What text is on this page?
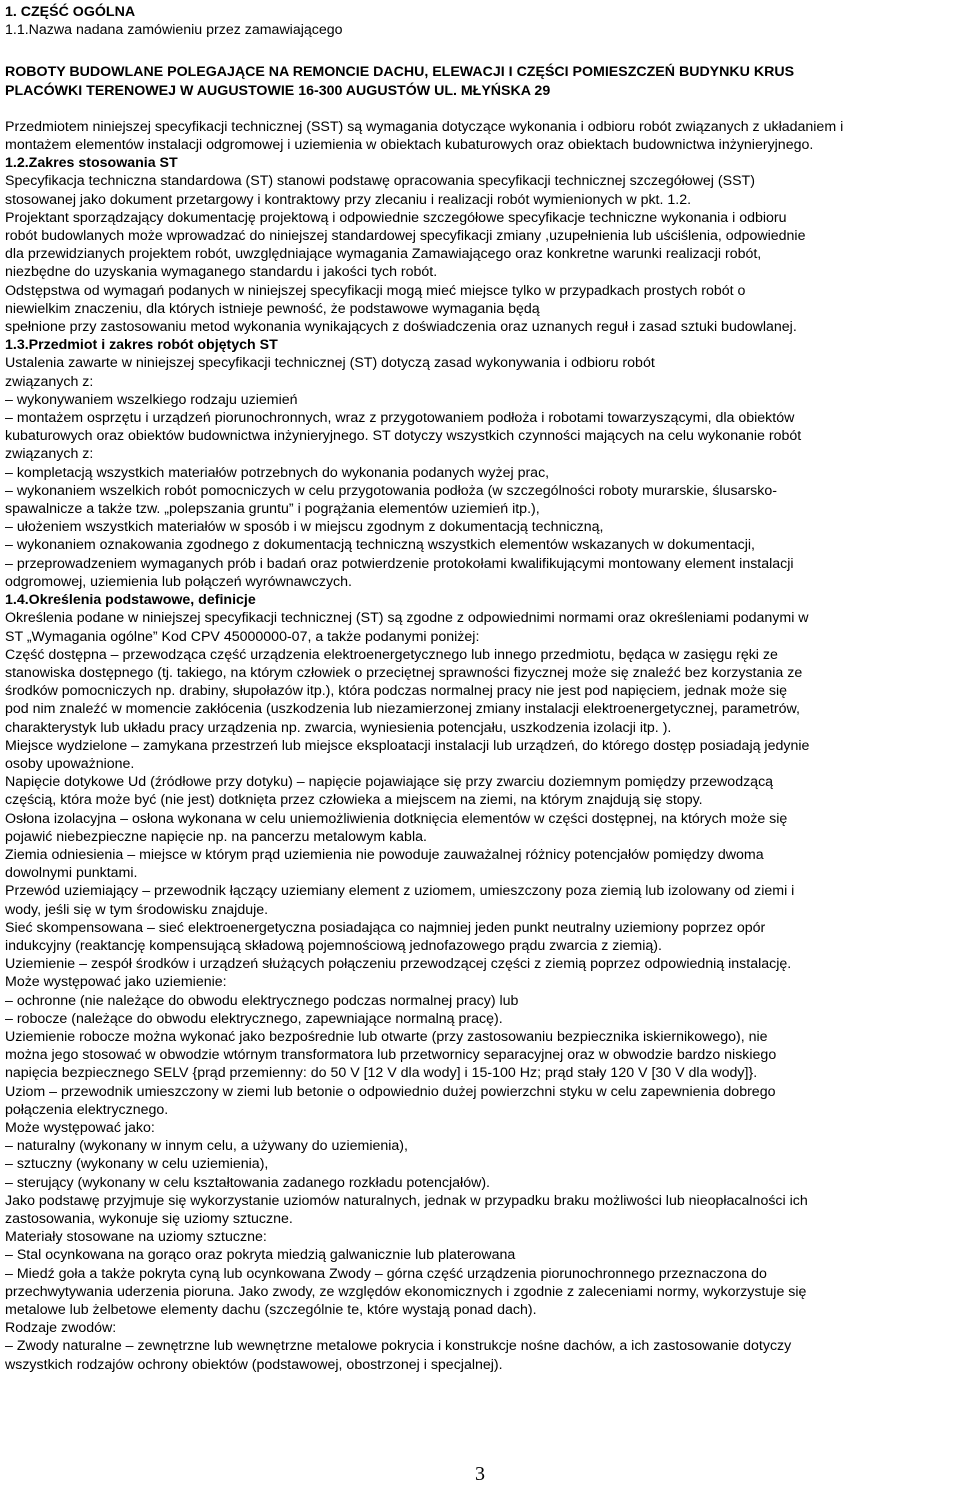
1. CZĘŚĆ OGÓLNA

1.1.Nazwa nadana zamówieniu przez zamawiającego

ROBOTY BUDOWLANE POLEGAJĄCE NA REMONCIE DACHU, ELEWACJI I CZĘŚCI POMIESZCZEŃ BUDYNKU KRUS

PLACÓWKI TERENOWEJ W AUGUSTOWIE 16-300 AUGUSTÓW UL. MŁYŃSKA 29

Przedmiotem niniejszej specyfikacji technicznej (SST) są wymagania dotyczące wykonania i odbioru robót związanych z układaniem i

montażem elementów instalacji odgromowej i uziemienia w obiektach kubaturowych oraz obiektach budownictwa inżynieryjnego.

1.2.Zakres stosowania ST

Specyfikacja techniczna standardowa (ST) stanowi podstawę opracowania specyfikacji technicznej szczegółowej (SST)

stosowanej jako dokument przetargowy i kontraktowy przy zlecaniu i realizacji robót wymienionych w pkt. 1.2.

Projektant sporządzający dokumentację projektową i odpowiednie szczegółowe specyfikacje techniczne wykonania i odbioru

robót budowlanych może wprowadzać do niniejszej standardowej specyfikacji zmiany ,uzupełnienia lub uściślenia, odpowiednie

dla przewidzianych projektem robót, uwzględniające wymagania Zamawiającego oraz konkretne warunki realizacji robót,

niezbędne do uzyskania wymaganego standardu i jakości tych robót.

Odstępstwa od wymagań podanych w niniejszej specyfikacji mogą mieć miejsce tylko w przypadkach prostych robót o

niewielkim znaczeniu, dla których istnieje pewność, że podstawowe wymagania będą

spełnione przy zastosowaniu metod wykonania wynikających z doświadczenia oraz uznanych reguł i zasad sztuki budowlanej.

1.3.Przedmiot i zakres robót objętych ST

Ustalenia zawarte w niniejszej specyfikacji technicznej (ST) dotyczą zasad wykonywania i odbioru robót

związanych z:

– wykonywaniem wszelkiego rodzaju uziemień

– montażem osprzętu i urządzeń piorunochronnych, wraz z przygotowaniem podłoża i robotami towarzyszącymi, dla obiektów

kubaturowych oraz obiektów budownictwa inżynieryjnego. ST dotyczy wszystkich czynności mających na celu wykonanie robót

związanych z:

– kompletacją wszystkich materiałów potrzebnych do wykonania podanych wyżej prac,

– wykonaniem wszelkich robót pomocniczych w celu przygotowania podłoża (w szczególności roboty murarskie, ślusarsko-

spawalnicze a także tzw. „polepszania gruntu” i pogrążania elementów uziemień itp.),

– ułożeniem wszystkich materiałów w sposób i w miejscu zgodnym z dokumentacją techniczną,

– wykonaniem oznakowania zgodnego z dokumentacją techniczną wszystkich elementów wskazanych w dokumentacji,

– przeprowadzeniem wymaganych prób i badań oraz potwierdzenie protokołami kwalifikującymi montowany element instalacji

odgromowej, uziemienia lub połączeń wyrównawczych.

1.4.Określenia podstawowe, definicje

Określenia podane w niniejszej specyfikacji technicznej (ST) są zgodne z odpowiednimi normami oraz określeniami podanymi w

ST „Wymagania ogólne” Kod CPV 45000000-07, a także podanymi poniżej:

Część dostępna – przewodząca część urządzenia elektroenergetycznego lub innego przedmiotu, będąca w zasięgu ręki ze

stanowiska dostępnego (tj. takiego, na którym człowiek o przeciętnej sprawności fizycznej może się znaleźć bez korzystania ze

środków pomocniczych np. drabiny, słupołazów itp.), która podczas normalnej pracy nie jest pod napięciem, jednak może się

pod nim znaleźć w momencie zakłócenia (uszkodzenia lub niezamierzonej zmiany instalacji elektroenergetycznej, parametrów,

charakterystyk lub układu pracy urządzenia np. zwarcia, wyniesienia potencjału, uszkodzenia izolacji itp. ).

Miejsce wydzielone – zamykana przestrzeń lub miejsce eksploatacji instalacji lub urządzeń, do którego dostęp posiadają jedynie

osoby upoważnione.

Napięcie dotykowe Ud (źródłowe przy dotyku) – napięcie pojawiające się przy zwarciu doziemnym pomiędzy przewodzącą

częścią, która może być (nie jest) dotknięta przez człowieka a miejscem na ziemi, na którym znajdują się stopy.

Osłona izolacyjna – osłona wykonana w celu uniemożliwienia dotknięcia elementów w części dostępnej, na których może się

pojawić niebezpieczne napięcie np. na pancerzu metalowym kabla.

Ziemia odniesienia – miejsce w którym prąd uziemienia nie powoduje zauważalnej różnicy potencjałów pomiędzy dwoma

dowolnymi punktami.

Przewód uziemiający – przewodnik łączący uziemiany element z uziomem, umieszczony poza ziemią lub izolowany od ziemi i

wody, jeśli się w tym środowisku znajduje.

Sieć skompensowana – sieć elektroenergetyczna posiadająca co najmniej jeden punkt neutralny uziemiony poprzez opór

indukcyjny (reaktancję kompensującą składową pojemnościową jednofazowego prądu zwarcia z ziemią).

Uziemienie – zespół środków i urządzeń służących połączeniu przewodzącej części z ziemią poprzez odpowiednią instalację.

Może występować jako uziemienie:

– ochronne (nie należące do obwodu elektrycznego podczas normalnej pracy) lub

– robocze (należące do obwodu elektrycznego, zapewniające normalną pracę).

Uziemienie robocze można wykonać jako bezpośrednie lub otwarte (przy zastosowaniu bezpiecznika iskiernikowego), nie

można jego stosować w obwodzie wtórnym transformatora lub przetwornicy separacyjnej oraz w obwodzie bardzo niskiego

napięcia bezpiecznego SELV {prąd przemienny: do 50 V [12 V dla wody] i 15-100 Hz; prąd stały 120 V [30 V dla wody]}.

Uziom – przewodnik umieszczony w ziemi lub betonie o odpowiednio dużej powierzchni styku w celu zapewnienia dobrego

połączenia elektrycznego.

Może występować jako:

– naturalny (wykonany w innym celu, a używany do uziemienia),

– sztuczny (wykonany w celu uziemienia),

– sterujący (wykonany w celu kształtowania zadanego rozkładu potencjałów).

Jako podstawę przyjmuje się wykorzystanie uziomów naturalnych, jednak w przypadku braku możliwości lub nieopłacalności ich

zastosowania, wykonuje się uziomy sztuczne.

Materiały stosowane na uziomy sztuczne:

– Stal ocynkowana na gorąco oraz pokryta miedzią galwanicznie lub platerowana

– Miedź goła a także pokryta cyną lub ocynkowana Zwody – górna część urządzenia piorunochronnego przeznaczona do

przechwytywania uderzenia pioruna. Jako zwody, ze względów ekonomicznych i zgodnie z zaleceniami normy, wykorzystuje się

metalowe lub żelbetowe elementy dachu (szczególnie te, które wystają ponad dach).

Rodzaje zwodów:

– Zwody naturalne – zewnętrzne lub wewnętrzne metalowe pokrycia i konstrukcje nośne dachów, a ich zastosowanie dotyczy

wszystkich rodzajów ochrony obiektów (podstawowej, obostrzonej i specjalnej).

3
